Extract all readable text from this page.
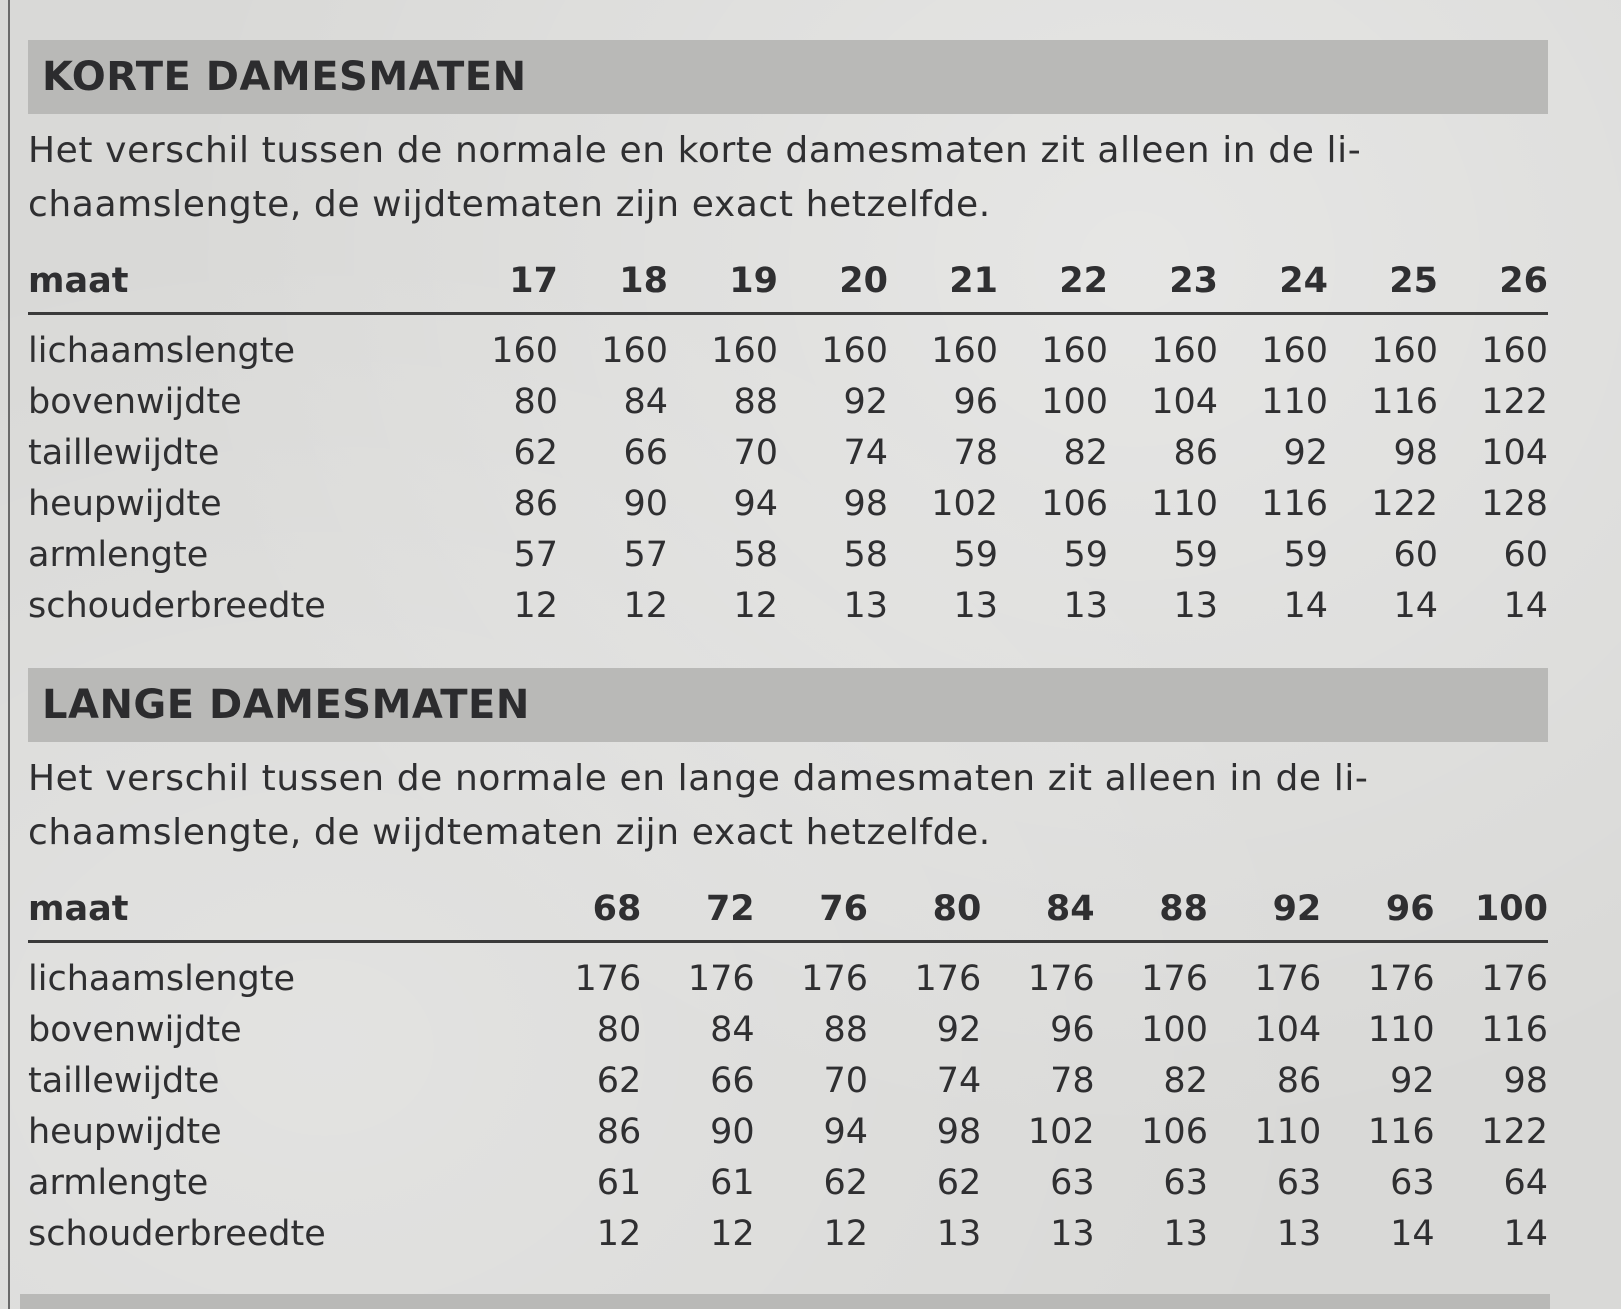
KORTE DAMESMATEN

Het verschil tussen de normale en korte damesmaten zit alleen in de li-
chaamslengte, de wijdtematen zijn exact hetzelfde.

maat	17	18	19	20	21	22	23	24	25	26
lichaamslengte	160	160	160	160	160	160	160	160	160	160
bovenwijdte	80	84	88	92	96	100	104	110	116	122
taillewijdte	62	66	70	74	78	82	86	92	98	104
heupwijdte	86	90	94	98	102	106	110	116	122	128
armlengte	57	57	58	58	59	59	59	59	60	60
schouderbreedte	12	12	12	13	13	13	13	14	14	14
LANGE DAMESMATEN

Het verschil tussen de normale en lange damesmaten zit alleen in de li-
chaamslengte, de wijdtematen zijn exact hetzelfde.

maat	68	72	76	80	84	88	92	96	100
lichaamslengte	176	176	176	176	176	176	176	176	176
bovenwijdte	80	84	88	92	96	100	104	110	116
taillewijdte	62	66	70	74	78	82	86	92	98
heupwijdte	86	90	94	98	102	106	110	116	122
armlengte	61	61	62	62	63	63	63	63	64
schouderbreedte	12	12	12	13	13	13	13	14	14
